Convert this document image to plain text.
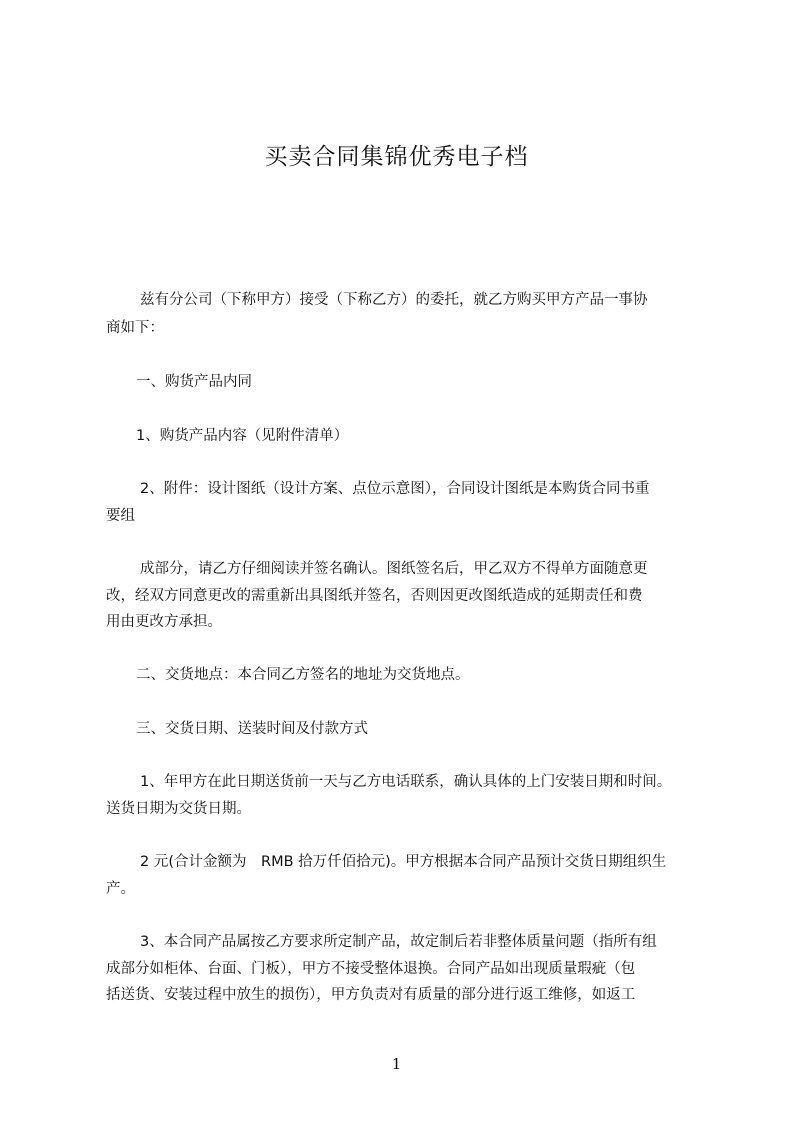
买卖合同集锦优秀电子档
兹有分公司（下称甲方）接受（下称乙方）的委托，就乙方购买甲方产品一事协
商如下：
一、购货产品内同
1、购货产品内容（见附件清单）
2、附件：设计图纸（设计方案、点位示意图），合同设计图纸是本购货合同书重
要组
成部分，请乙方仔细阅读并签名确认。图纸签名后，甲乙双方不得单方面随意更
改，经双方同意更改的需重新出具图纸并签名，否则因更改图纸造成的延期责任和费
用由更改方承担。
二、交货地点：本合同乙方签名的地址为交货地点。
三、交货日期、送装时间及付款方式
1、年甲方在此日期送货前一天与乙方电话联系，确认具体的上门安装日期和时间。
送货日期为交货日期。
2 元(合计金额为　RMB 拾万仟佰拾元)。甲方根据本合同产品预计交货日期组织生
产。
3、本合同产品属按乙方要求所定制产品，故定制后若非整体质量问题（指所有组
成部分如柜体、台面、门板），甲方不接受整体退换。合同产品如出现质量瑕疵（包
括送货、安装过程中放生的损伤），甲方负责对有质量的部分进行返工维修，如返工
1
